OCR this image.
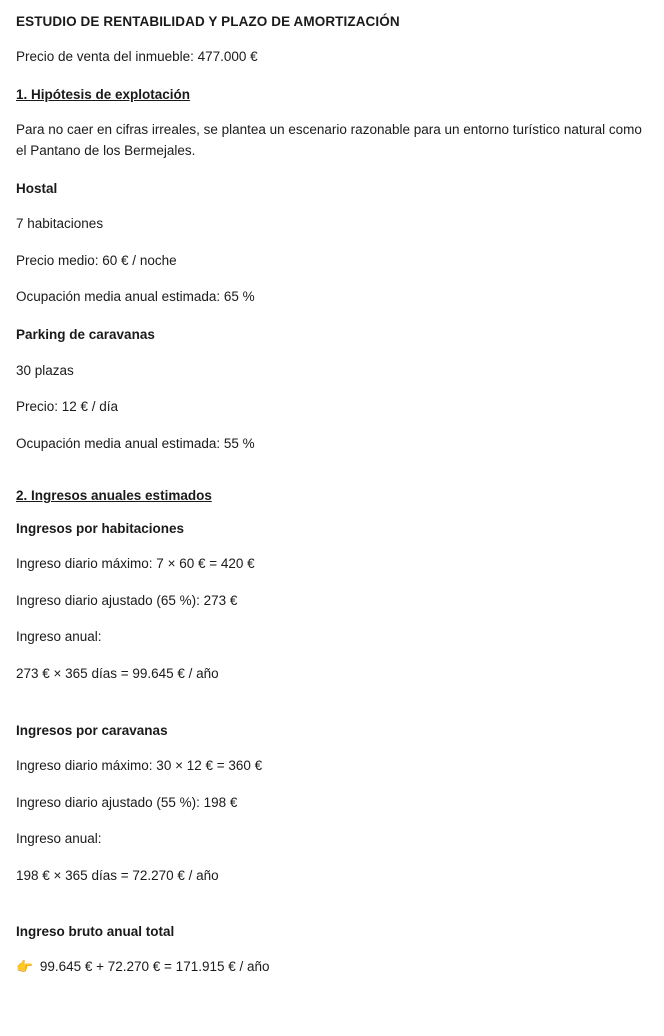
ESTUDIO DE RENTABILIDAD Y PLAZO DE AMORTIZACIÓN

Precio de venta del inmueble: 477.000 €

1. Hipótesis de explotación

Para no caer en cifras irreales, se plantea un escenario razonable para un entorno turístico natural como el Pantano de los Bermejales.

Hostal

7 habitaciones

Precio medio: 60 € / noche

Ocupación media anual estimada: 65 %

Parking de caravanas

30 plazas

Precio: 12 € / día

Ocupación media anual estimada: 55 %

2. Ingresos anuales estimados
Ingresos por habitaciones

Ingreso diario máximo: 7 × 60 € = 420 €

Ingreso diario ajustado (65 %): 273 €

Ingreso anual:

273 € × 365 días = 99.645 € / año

Ingresos por caravanas

Ingreso diario máximo: 30 × 12 € = 360 €

Ingreso diario ajustado (55 %): 198 €

Ingreso anual:

198 € × 365 días = 72.270 € / año

Ingreso bruto anual total

👉 99.645 € + 72.270 € = 171.915 € / año
